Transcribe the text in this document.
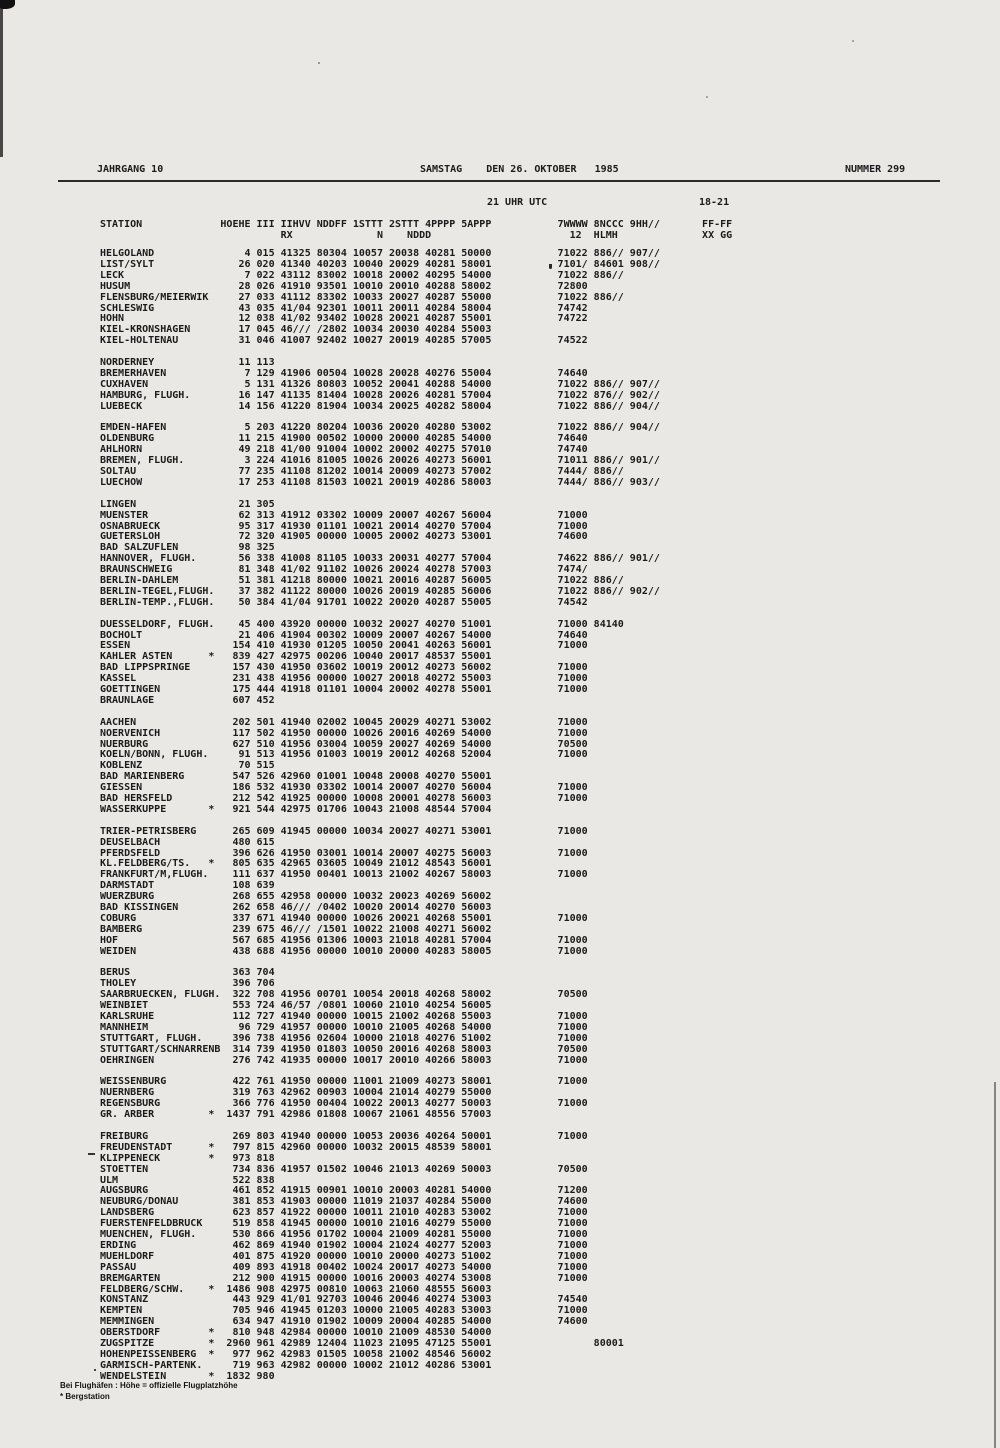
JAHRGANG 10	SAMSTAG    DEN 26. OKTOBER   1985	NUMMER 299
21 UHR UTC	18-21
STATION             HOEHE III IIHVV NDDFF 1STTT 2STTT 4PPPP 5APPP           7WWWW 8NCCC 9HH//       FF-FF
RX              N    NDDD                       12  HLMH              XX GG
HELGOLAND               4 015 41325 80304 10057 20038 40281 50000           71022 886// 907//
LIST/SYLT              26 020 41340 40203 10040 20029 40281 58001           7101/ 84601 908//
LECK                    7 022 43112 83002 10018 20002 40295 54000           71022 886//
HUSUM                  28 026 41910 93501 10010 20010 40288 58002           72800
FLENSBURG/MEIERWIK     27 033 41112 83302 10033 20027 40287 55000           71022 886//
SCHLESWIG              43 035 41/04 92301 10011 20011 40284 58004           74742
HOHN                   12 038 41/02 93402 10028 20021 40287 55001           74722
KIEL-KRONSHAGEN        17 045 46/// /2802 10034 20030 40284 55003
KIEL-HOLTENAU          31 046 41007 92402 10027 20019 40285 57005           74522
NORDERNEY              11 113
BREMERHAVEN             7 129 41906 00504 10028 20028 40276 55004           74640
CUXHAVEN                5 131 41326 80803 10052 20041 40288 54000           71022 886// 907//
HAMBURG, FLUGH.        16 147 41135 81404 10028 20026 40281 57004           71022 876// 902//
LUEBECK                14 156 41220 81904 10034 20025 40282 58004           71022 886// 904//
EMDEN-HAFEN             5 203 41220 80204 10036 20020 40280 53002           71022 886// 904//
OLDENBURG              11 215 41900 00502 10000 20000 40285 54000           74640
AHLHORN                49 218 41/00 91004 10002 20002 40275 57010           74740
BREMEN, FLUGH.          3 224 41016 81005 10026 20026 40273 56001           71011 886// 901//
SOLTAU                 77 235 41108 81202 10014 20009 40273 57002           7444/ 886//
LUECHOW                17 253 41108 81503 10021 20019 40286 58003           7444/ 886// 903//
LINGEN                 21 305
MUENSTER               62 313 41912 03302 10009 20007 40267 56004           71000
OSNABRUECK             95 317 41930 01101 10021 20014 40270 57004           71000
GUETERSLOH             72 320 41905 00000 10005 20002 40273 53001           74600
BAD SALZUFLEN          98 325
HANNOVER, FLUGH.       56 338 41008 81105 10033 20031 40277 57004           74622 886// 901//
BRAUNSCHWEIG           81 348 41/02 91102 10026 20024 40278 57003           7474/
BERLIN-DAHLEM          51 381 41218 80000 10021 20016 40287 56005           71022 886//
BERLIN-TEGEL,FLUGH.    37 382 41122 80000 10026 20019 40285 56006           71022 886// 902//
BERLIN-TEMP.,FLUGH.    50 384 41/04 91701 10022 20020 40287 55005           74542
DUESSELDORF, FLUGH.    45 400 43920 00000 10032 20027 40270 51001           71000 84140
BOCHOLT                21 406 41904 00302 10009 20007 40267 54000           74640
ESSEN                 154 410 41930 01205 10050 20041 40263 56001           71000
KAHLER ASTEN      *   839 427 42975 00206 10040 20017 48537 55001
BAD LIPPSPRINGE       157 430 41950 03602 10019 20012 40273 56002           71000
KASSEL                231 438 41956 00000 10027 20018 40272 55003           71000
GOETTINGEN            175 444 41918 01101 10004 20002 40278 55001           71000
BRAUNLAGE             607 452
AACHEN                202 501 41940 02002 10045 20029 40271 53002           71000
NOERVENICH            117 502 41950 00000 10026 20016 40269 54000           71000
NUERBURG              627 510 41956 03004 10059 20027 40269 54000           70500
KOELN/BONN, FLUGH.     91 513 41956 01003 10019 20012 40268 52004           71000
KOBLENZ                70 515
BAD MARIENBERG        547 526 42960 01001 10048 20008 40270 55001
GIESSEN               186 532 41930 03302 10014 20007 40270 56004           71000
BAD HERSFELD          212 542 41925 00000 10008 20001 40278 56003           71000
WASSERKUPPE       *   921 544 42975 01706 10043 21008 48544 57004
TRIER-PETRISBERG      265 609 41945 00000 10034 20027 40271 53001           71000
DEUSELBACH            480 615
PFERDSFELD            396 626 41950 03001 10014 20007 40275 56003           71000
KL.FELDBERG/TS.   *   805 635 42965 03605 10049 21012 48543 56001
FRANKFURT/M,FLUGH.    111 637 41950 00401 10013 21002 40267 58003           71000
DARMSTADT             108 639
WUERZBURG             268 655 42958 00000 10032 20023 40269 56002
BAD KISSINGEN         262 658 46/// /0402 10020 20014 40270 56003
COBURG                337 671 41940 00000 10026 20021 40268 55001           71000
BAMBERG               239 675 46/// /1501 10022 21008 40271 56002
HOF                   567 685 41956 01306 10003 21018 40281 57004           71000
WEIDEN                438 688 41956 00000 10010 20000 40283 58005           71000
BERUS                 363 704
THOLEY                396 706
SAARBRUECKEN, FLUGH.  322 708 41956 00701 10054 20018 40268 58002           70500
WEINBIET              553 724 46/57 /0801 10060 21010 40254 56005
KARLSRUHE             112 727 41940 00000 10015 21002 40268 55003           71000
MANNHEIM               96 729 41957 00000 10010 21005 40268 54000           71000
STUTTGART, FLUGH.     396 738 41956 02604 10000 21018 40276 51002           71000
STUTTGART/SCHNARRENB  314 739 41950 01803 10050 20016 40268 58003           70500
OEHRINGEN             276 742 41935 00000 10017 20010 40266 58003           71000
WEISSENBURG           422 761 41950 00000 11001 21009 40273 58001           71000
NUERNBERG             319 763 42962 00903 10004 21014 40279 55000
REGENSBURG            366 776 41950 00404 10022 20013 40277 50003           71000
GR. ARBER         *  1437 791 42986 01808 10067 21061 48556 57003
FREIBURG              269 803 41940 00000 10053 20036 40264 50001           71000
FREUDENSTADT      *   797 815 42960 00000 10032 20015 48539 58001
KLIPPENECK        *   973 818
STOETTEN              734 836 41957 01502 10046 21013 40269 50003           70500
ULM                   522 838
AUGSBURG              461 852 41915 00901 10010 20003 40281 54000           71200
NEUBURG/DONAU         381 853 41903 00000 11019 21037 40284 55000           74600
LANDSBERG             623 857 41922 00000 10011 21010 40283 53002           71000
FUERSTENFELDBRUCK     519 858 41945 00000 10010 21016 40279 55000           71000
MUENCHEN, FLUGH.      530 866 41956 01702 10004 21009 40281 55000           71000
ERDING                462 869 41940 01902 10004 21024 40277 52003           71000
MUEHLDORF             401 875 41920 00000 10010 20000 40273 51002           71000
PASSAU                409 893 41918 00402 10024 20017 40273 54000           71000
BREMGARTEN            212 900 41915 00000 10016 20003 40274 53008           71000
FELDBERG/SCHW.    *  1486 908 42975 00810 10063 21060 48555 56003
KONSTANZ              443 929 41/01 92703 10046 20046 40274 53003           74540
KEMPTEN               705 946 41945 01203 10000 21005 40283 53003           71000
MEMMINGEN             634 947 41910 01902 10009 20004 40285 54000           74600
OBERSTDORF        *   810 948 42984 00000 10010 21009 48530 54000
ZUGSPITZE         *  2960 961 42989 12404 11023 21095 47125 55001                 80001
HOHENPEISSENBERG  *   977 962 42983 01505 10058 21002 48546 56002
GARMISCH-PARTENK.     719 963 42982 00000 10002 21012 40286 53001
WENDELSTEIN       *  1832 980
Bei Flughäfen : Höhe = offizielle Flugplatzhöhe
* Bergstation
